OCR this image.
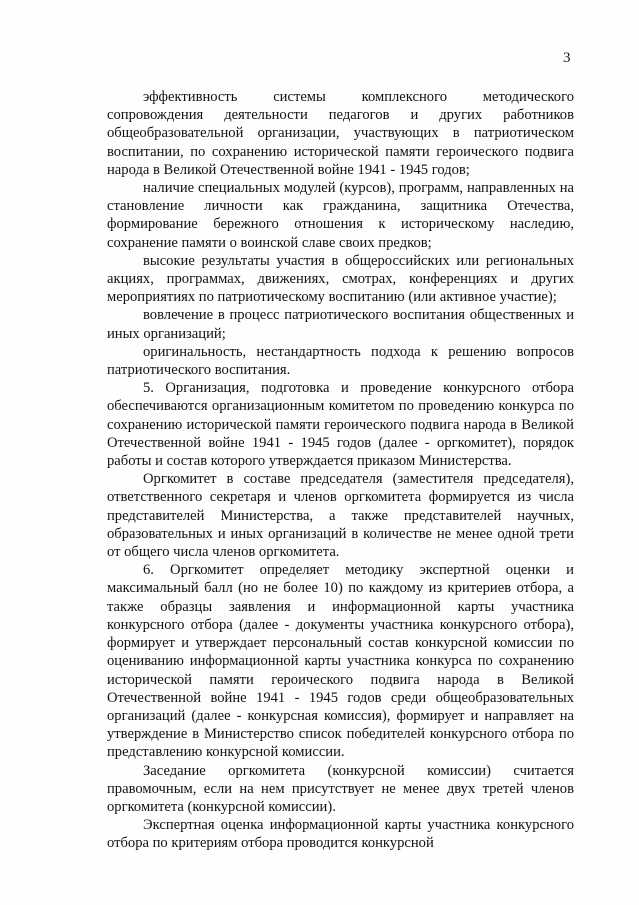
3

эффективность системы комплексного методического сопровождения деятельности педагогов и других работников общеобразовательной организации, участвующих в патриотическом воспитании, по сохранению исторической памяти героического подвига народа в Великой Отечественной войне 1941 - 1945 годов;

наличие специальных модулей (курсов), программ, направленных на становление личности как гражданина, защитника Отечества, формирование бережного отношения к историческому наследию, сохранение памяти о воинской славе своих предков;

высокие результаты участия в общероссийских или региональных акциях, программах, движениях, смотрах, конференциях и других мероприятиях по патриотическому воспитанию (или активное участие);

вовлечение в процесс патриотического воспитания общественных и иных организаций;

оригинальность, нестандартность подхода к решению вопросов патриотического воспитания.

5. Организация, подготовка и проведение конкурсного отбора обеспечиваются организационным комитетом по проведению конкурса по сохранению исторической памяти героического подвига народа в Великой Отечественной войне 1941 - 1945 годов (далее - оргкомитет), порядок работы и состав которого утверждается приказом Министерства.

Оргкомитет в составе председателя (заместителя председателя), ответственного секретаря и членов оргкомитета формируется из числа представителей Министерства, а также представителей научных, образовательных и иных организаций в количестве не менее одной трети от общего числа членов оргкомитета.

6. Оргкомитет определяет методику экспертной оценки и максимальный балл (но не более 10) по каждому из критериев отбора, а также образцы заявления и информационной карты участника конкурсного отбора (далее - документы участника конкурсного отбора), формирует и утверждает персональный состав конкурсной комиссии по оцениванию информационной карты участника конкурса по сохранению исторической памяти героического подвига народа в Великой Отечественной войне 1941 - 1945 годов среди общеобразовательных организаций (далее - конкурсная комиссия), формирует и направляет на утверждение в Министерство список победителей конкурсного отбора по представлению конкурсной комиссии.

Заседание оргкомитета (конкурсной комиссии) считается правомочным, если на нем присутствует не менее двух третей членов оргкомитета (конкурсной комиссии).

Экспертная оценка информационной карты участника конкурсного отбора по критериям отбора проводится конкурсной
